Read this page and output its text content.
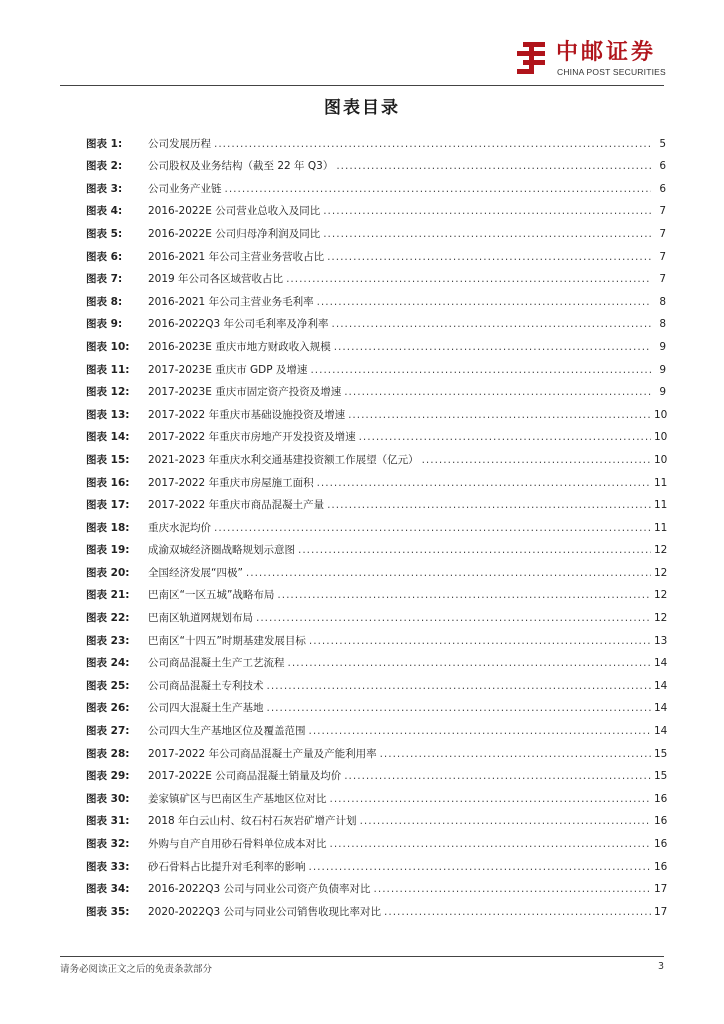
中邮证券
CHINA POST SECURITIES
图表目录
图表 1:	公司发展历程 .....	5
图表 2:	公司股权及业务结构（截至 22 年 Q3） .....	6
图表 3:	公司业务产业链 .....	6
图表 4:	2016-2022E 公司营业总收入及同比 .....	7
图表 5:	2016-2022E 公司归母净利润及同比 .....	7
图表 6:	2016-2021 年公司主营业务营收占比 .....	7
图表 7:	2019 年公司各区域营收占比 .....	7
图表 8:	2016-2021 年公司主营业务毛利率 .....	8
图表 9:	2016-2022Q3 年公司毛利率及净利率 .....	8
图表 10:	2016-2023E 重庆市地方财政收入规模 .....	9
图表 11:	2017-2023E 重庆市 GDP 及增速 .....	9
图表 12:	2017-2023E 重庆市固定资产投资及增速 .....	9
图表 13:	2017-2022 年重庆市基础设施投资及增速 .....	10
图表 14:	2017-2022 年重庆市房地产开发投资及增速 .....	10
图表 15:	2021-2023 年重庆水利交通基建投资额工作展望（亿元） .....	10
图表 16:	2017-2022 年重庆市房屋施工面积 .....	11
图表 17:	2017-2022 年重庆市商品混凝土产量 .....	11
图表 18:	重庆水泥均价 .....	11
图表 19:	成渝双城经济圈战略规划示意图 .....	12
图表 20:	全国经济发展“四极” .....	12
图表 21:	巴南区“一区五城”战略布局 .....	12
图表 22:	巴南区轨道网规划布局 .....	12
图表 23:	巴南区“十四五”时期基建发展目标 .....	13
图表 24:	公司商品混凝土生产工艺流程 .....	14
图表 25:	公司商品混凝土专利技术 .....	14
图表 26:	公司四大混凝土生产基地 .....	14
图表 27:	公司四大生产基地区位及覆盖范围 .....	14
图表 28:	2017-2022 年公司商品混凝土产量及产能利用率 .....	15
图表 29:	2017-2022E 公司商品混凝土销量及均价 .....	15
图表 30:	姜家镇矿区与巴南区生产基地区位对比 .....	16
图表 31:	2018 年白云山村、纹石村石灰岩矿增产计划 .....	16
图表 32:	外购与自产自用砂石骨料单位成本对比 .....	16
图表 33:	砂石骨料占比提升对毛利率的影响 .....	16
图表 34:	2016-2022Q3 公司与同业公司资产负债率对比 .....	17
图表 35:	2020-2022Q3 公司与同业公司销售收现比率对比 .....	17
请务必阅读正文之后的免责条款部分	3
